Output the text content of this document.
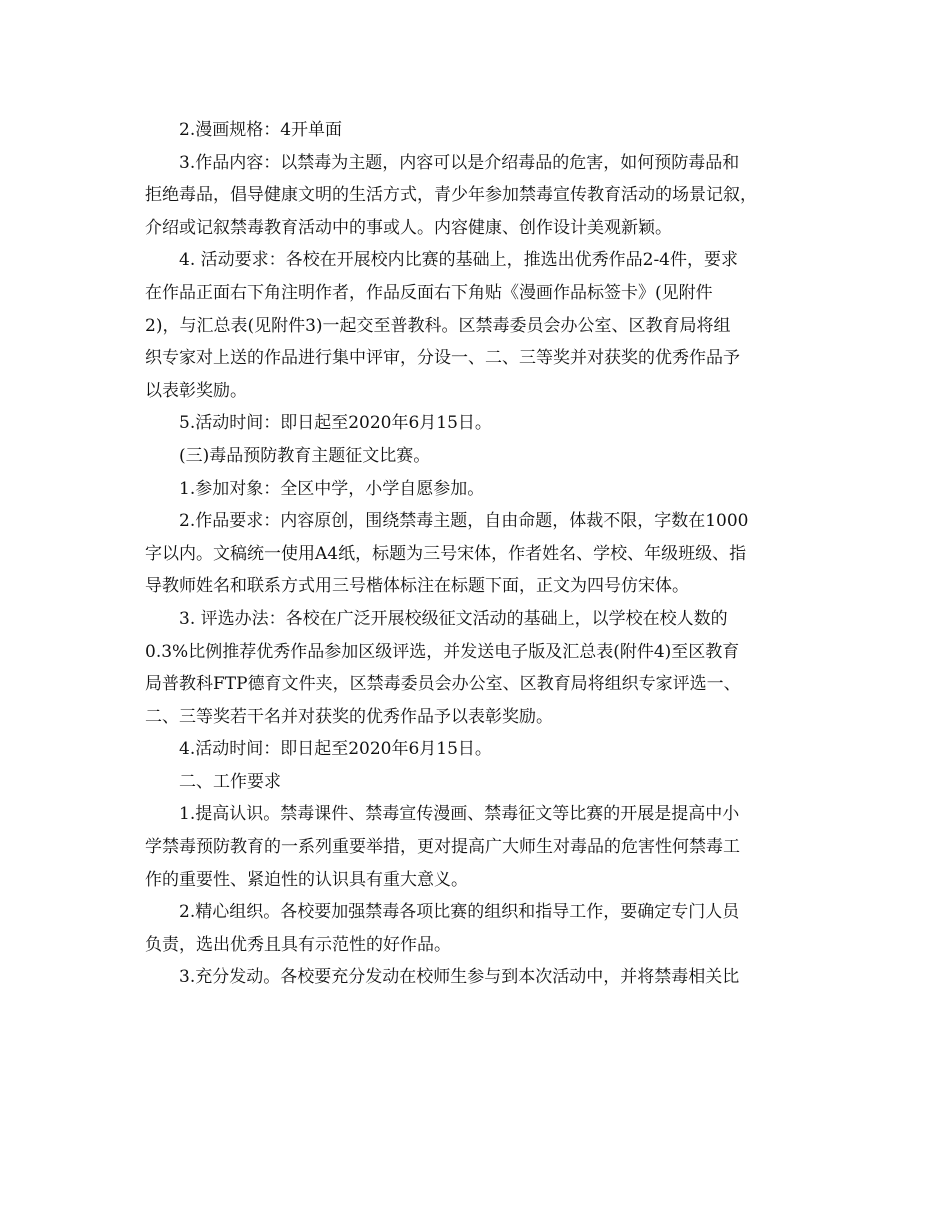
2.漫画规格：4开单面

3.作品内容：以禁毒为主题，内容可以是介绍毒品的危害，如何预防毒品和
拒绝毒品，倡导健康文明的生活方式，青少年参加禁毒宣传教育活动的场景记叙，
介绍或记叙禁毒教育活动中的事或人。内容健康、创作设计美观新颖。

4. 活动要求：各校在开展校内比赛的基础上，推选出优秀作品2-4件，要求
在作品正面右下角注明作者，作品反面右下角贴《漫画作品标签卡》(见附件
2)，与汇总表(见附件3)一起交至普教科。区禁毒委员会办公室、区教育局将组
织专家对上送的作品进行集中评审，分设一、二、三等奖并对获奖的优秀作品予
以表彰奖励。

5.活动时间：即日起至2020年6月15日。

(三)毒品预防教育主题征文比赛。

1.参加对象：全区中学，小学自愿参加。

2.作品要求：内容原创，围绕禁毒主题，自由命题，体裁不限，字数在1000
字以内。文稿统一使用A4纸，标题为三号宋体，作者姓名、学校、年级班级、指
导教师姓名和联系方式用三号楷体标注在标题下面，正文为四号仿宋体。

3. 评选办法：各校在广泛开展校级征文活动的基础上，以学校在校人数的
0.3%比例推荐优秀作品参加区级评选，并发送电子版及汇总表(附件4)至区教育
局普教科FTP德育文件夹，区禁毒委员会办公室、区教育局将组织专家评选一、
二、三等奖若干名并对获奖的优秀作品予以表彰奖励。

4.活动时间：即日起至2020年6月15日。

二、工作要求

1.提高认识。禁毒课件、禁毒宣传漫画、禁毒征文等比赛的开展是提高中小
学禁毒预防教育的一系列重要举措，更对提高广大师生对毒品的危害性何禁毒工
作的重要性、紧迫性的认识具有重大意义。

2.精心组织。各校要加强禁毒各项比赛的组织和指导工作，要确定专门人员
负责，选出优秀且具有示范性的好作品。

3.充分发动。各校要充分发动在校师生参与到本次活动中，并将禁毒相关比
